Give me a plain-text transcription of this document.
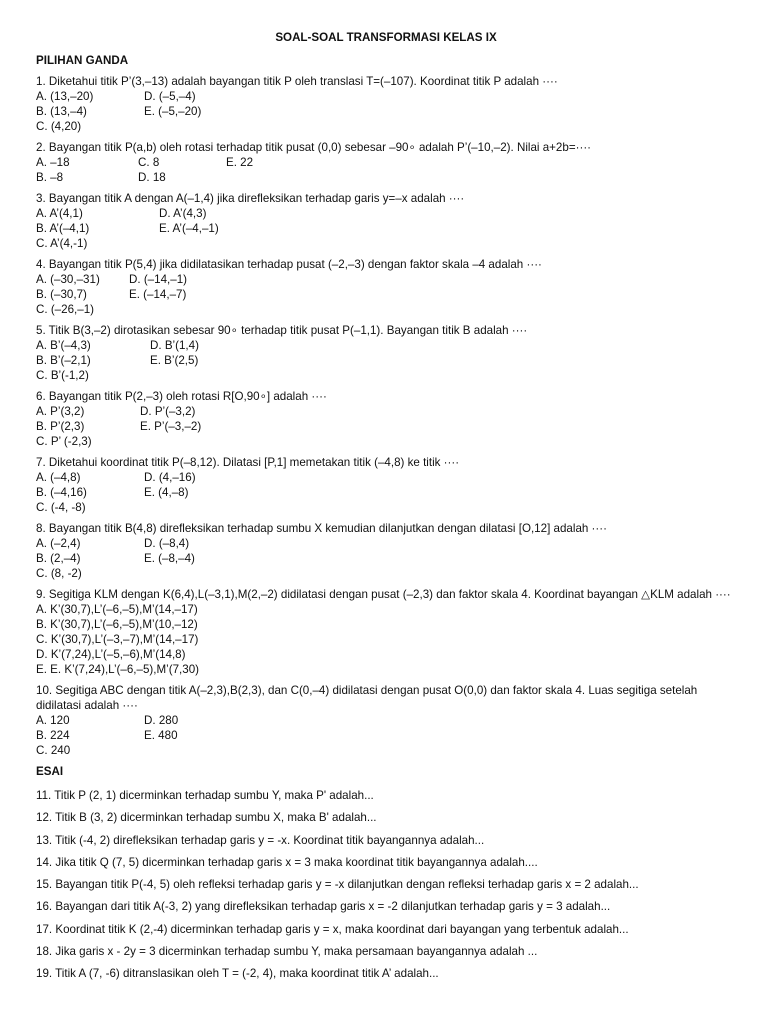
SOAL-SOAL TRANSFORMASI KELAS IX
PILIHAN GANDA
1. Diketahui titik P’(3,–13) adalah bayangan titik P oleh translasi T=(–107). Koordinat titik P adalah ····
A. (13,–20)	D. (–5,–4)
B. (13,–4)	E. (–5,–20)
C. (4,20)
2. Bayangan titik P(a,b) oleh rotasi terhadap titik pusat (0,0) sebesar –90∘ adalah P’(–10,–2). Nilai a+2b=····
A. –18	C. 8	E. 22
B. –8	D. 18
3. Bayangan titik A dengan A(–1,4) jika direfleksikan terhadap garis y=–x adalah ····
A. A’(4,1)	D. A’(4,3)
B. A’(–4,1)	E. A’(–4,–1)
C. A’(4,-1)
4. Bayangan titik P(5,4) jika didilatasikan terhadap pusat (–2,–3) dengan faktor skala –4 adalah ····
A. (–30,–31)	D. (–14,–1)
B. (–30,7)	E. (–14,–7)
C. (–26,–1)
5. Titik B(3,–2) dirotasikan sebesar 90∘ terhadap titik pusat P(–1,1). Bayangan titik B adalah ····
A. B’(–4,3)	D. B’(1,4)
B. B’(–2,1)	E. B’(2,5)
C. B’(-1,2)
6. Bayangan titik P(2,–3) oleh rotasi R[O,90∘] adalah ····
A. P’(3,2)	D. P’(–3,2)
B. P’(2,3)	E. P’(–3,–2)
C. P’ (-2,3)
7. Diketahui koordinat titik P(–8,12). Dilatasi [P,1] memetakan titik (–4,8) ke titik ····
A. (–4,8)	D. (4,–16)
B. (–4,16)	E. (4,–8)
C. (-4, -8)
8. Bayangan titik B(4,8) direfleksikan terhadap sumbu X kemudian dilanjutkan dengan dilatasi [O,12] adalah ····
A. (–2,4)	D. (–8,4)
B. (2,–4)	E. (–8,–4)
C. (8, -2)
9. Segitiga KLM dengan K(6,4),L(–3,1),M(2,–2) didilatasi dengan pusat (–2,3) dan faktor skala 4. Koordinat bayangan △KLM adalah ····
A. K’(30,7),L’(–6,–5),M’(14,–17)
B. K’(30,7),L’(–6,–5),M’(10,–12)
C. K’(30,7),L’(–3,–7),M’(14,–17)
D. K’(7,24),L’(–5,–6),M’(14,8)
E. E. K’(7,24),L’(–6,–5),M’(7,30)
10. Segitiga ABC dengan titik A(–2,3),B(2,3), dan C(0,–4) didilatasi dengan pusat O(0,0) dan faktor skala 4. Luas segitiga setelah didilatasi adalah ····
A. 120	D. 280
B. 224	E. 480
C. 240
ESAI
11. Titik P (2, 1) dicerminkan terhadap sumbu Y, maka P' adalah...
12. Titik B (3, 2) dicerminkan terhadap sumbu X, maka B' adalah...
13. Titik (-4, 2) direfleksikan terhadap garis y = -x. Koordinat titik bayangannya adalah...
14. Jika titik Q (7, 5) dicerminkan terhadap garis x = 3 maka koordinat titik bayangannya adalah....
15. Bayangan titik P(-4, 5) oleh refleksi terhadap garis y = -x dilanjutkan dengan refleksi terhadap garis x = 2 adalah...
16. Bayangan dari titik A(-3, 2) yang direfleksikan terhadap garis x = -2 dilanjutkan terhadap garis y = 3 adalah...
17. Koordinat titik K (2,-4) dicerminkan terhadap garis y = x, maka koordinat dari bayangan yang terbentuk adalah...
18. Jika garis x - 2y = 3 dicerminkan terhadap sumbu Y, maka persamaan bayangannya adalah ...
19. Titik A (7, -6) ditranslasikan oleh T = (-2, 4), maka koordinat titik A’ adalah...
